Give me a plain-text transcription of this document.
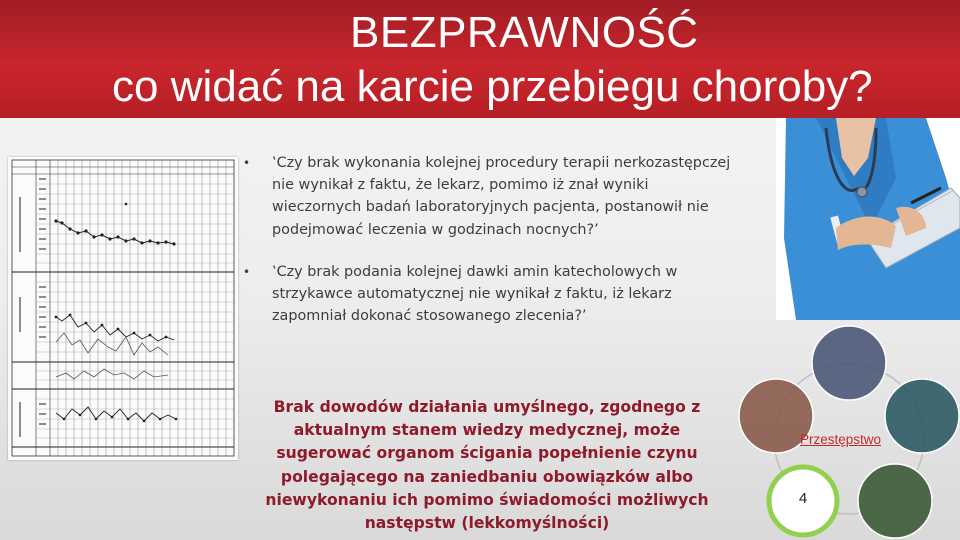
BEZPRAWNOŚĆ
co widać na karcie przebiegu choroby?
• ‛Czy brak wykonania kolejnej procedury terapii nerkozastępczej nie wynikał z faktu, że lekarz, pomimo iż znał wyniki wieczornych badań laboratoryjnych pacjenta, postanowił nie podejmować leczenia w godzinach nocnych?’
• ‛Czy brak podania kolejnej dawki amin katecholowych w strzykawce automatycznej nie wynikał z faktu, iż lekarz zapomniał dokonać stosowanego zlecenia?’
Brak dowodów działania umyślnego, zgodnego z aktualnym stanem wiedzy medycznej, może sugerować organom ścigania popełnienie czynu polegającego na zaniedbaniu obowiązków albo niewykonaniu ich pomimo świadomości możliwych następstw (lekkomyślności)
Przestępstwo
4
